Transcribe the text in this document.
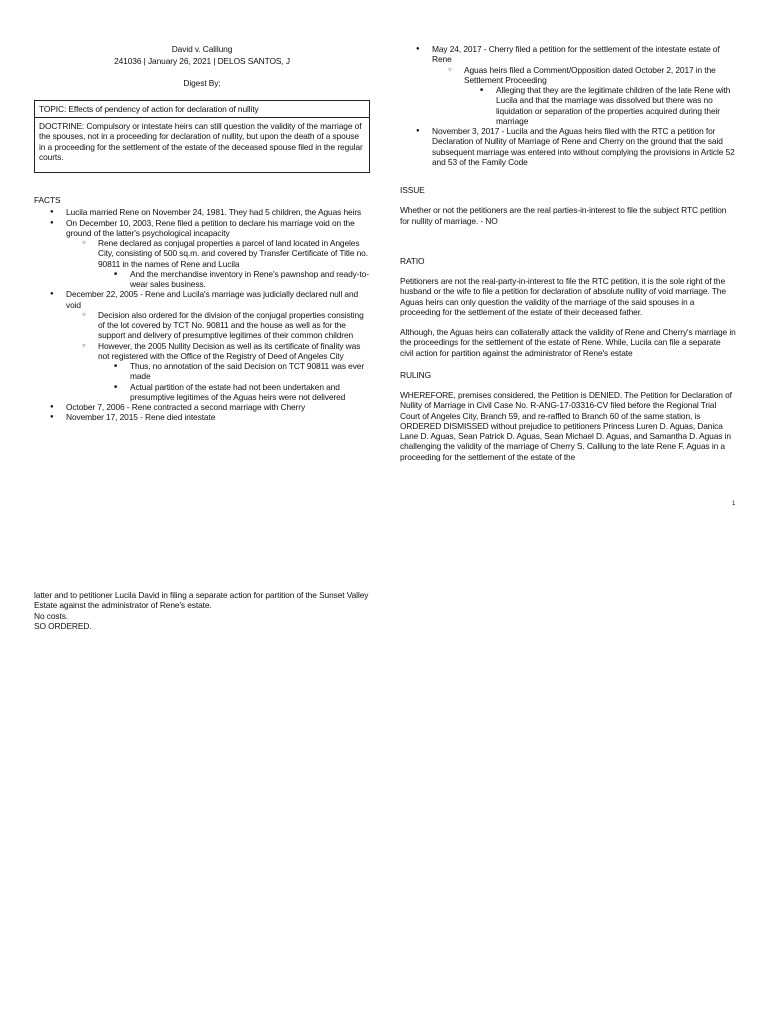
David v. Calilung
241036 | January 26, 2021 | DELOS SANTOS, J
Digest By:
TOPIC: Effects of pendency of action for declaration of nullity
DOCTRINE: Compulsory or intestate heirs can still question the validity of the marriage of the spouses, not in a proceeding for declaration of nullity, but upon the death of a spouse in a proceeding for the settlement of the estate of the deceased spouse filed in the regular courts.
FACTS
● Lucila married Rene on November 24, 1981. They had 5 children, the Aguas heirs
● On December 10, 2003, Rene filed a petition to declare his marriage void on the ground of the latter's psychological incapacity
○ Rene declared as conjugal properties a parcel of land located in Angeles City, consisting of 500 sq.m. and covered by Transfer Certificate of Title no. 90811 in the names of Rene and Lucila
■ And the merchandise inventory in Rene's pawnshop and ready-to-wear sales business.
● December 22, 2005 - Rene and Lucila's marriage was judicially declared null and void
○ Decision also ordered for the division of the conjugal properties consisting of the lot covered by TCT No. 90811 and the house as well as for the support and delivery of presumptive legitimes of their common children
○ However, the 2005 Nullity Decision as well as its certificate of finality was not registered with the Office of the Registry of Deed of Angeles City
■ Thus, no annotation of the said Decision on TCT 90811 was ever made
■ Actual partition of the estate had not been undertaken and presumptive legitimes of the Aguas heirs were not delivered
● October 7, 2006 - Rene contracted a second marriage with Cherry
● November 17, 2015 - Rene died intestate
● May 24, 2017 - Cherry filed a petition for the settlement of the intestate estate of Rene
○ Aguas heirs filed a Comment/Opposition dated October 2, 2017 in the Settlement Proceeding
■ Alleging that they are the legitimate children of the late Rene with Lucila and that the marriage was dissolved but there was no liquidation or separation of the properties acquired during their marriage
● November 3, 2017 - Lucila and the Aguas heirs filed with the RTC a petition for Declaration of Nullity of Marriage of Rene and Cherry on the ground that the said subsequent marriage was entered into without complying the provisions in Article 52 and 53 of the Family Code
ISSUE

Whether or not the petitioners are the real parties-in-interest to file the subject RTC petition for nullity of marriage. - NO

RATIO

Petitioners are not the real-party-in-interest to file the RTC petition, it is the sole right of the husband or the wife to file a petition for declaration of absolute nullity of void marriage. The Aguas heirs can only question the validity of the marriage of the said spouses in a proceeding for the settlement of the estate of their deceased father.

Although, the Aguas heirs can collaterally attack the validity of Rene and Cherry's marriage in the proceedings for the settlement of the estate of Rene. While, Lucila can file a separate civil action for partition against the administrator of Rene's estate

RULING

WHEREFORE, premises considered, the Petition is DENIED. The Petition for Declaration of Nullity of Marriage in Civil Case No. R-ANG-17-03316-CV filed before the Regional Trial Court of Angeles City, Branch 59, and re-raffled to Branch 60 of the same station, is ORDERED DISMISSED without prejudice to petitioners Princess Luren D. Aguas, Danica Lane D. Aguas, Sean Patrick D. Aguas, Sean Michael D. Aguas, and Samantha D. Aguas in challenging the validity of the marriage of Cherry S. Calilung to the late Rene F. Aguas in a proceeding for the settlement of the estate of the

1

latter and to petitioner Lucila David in filing a separate action for partition of the Sunset Valley Estate against the administrator of Rene's estate.

No costs.

SO ORDERED.
